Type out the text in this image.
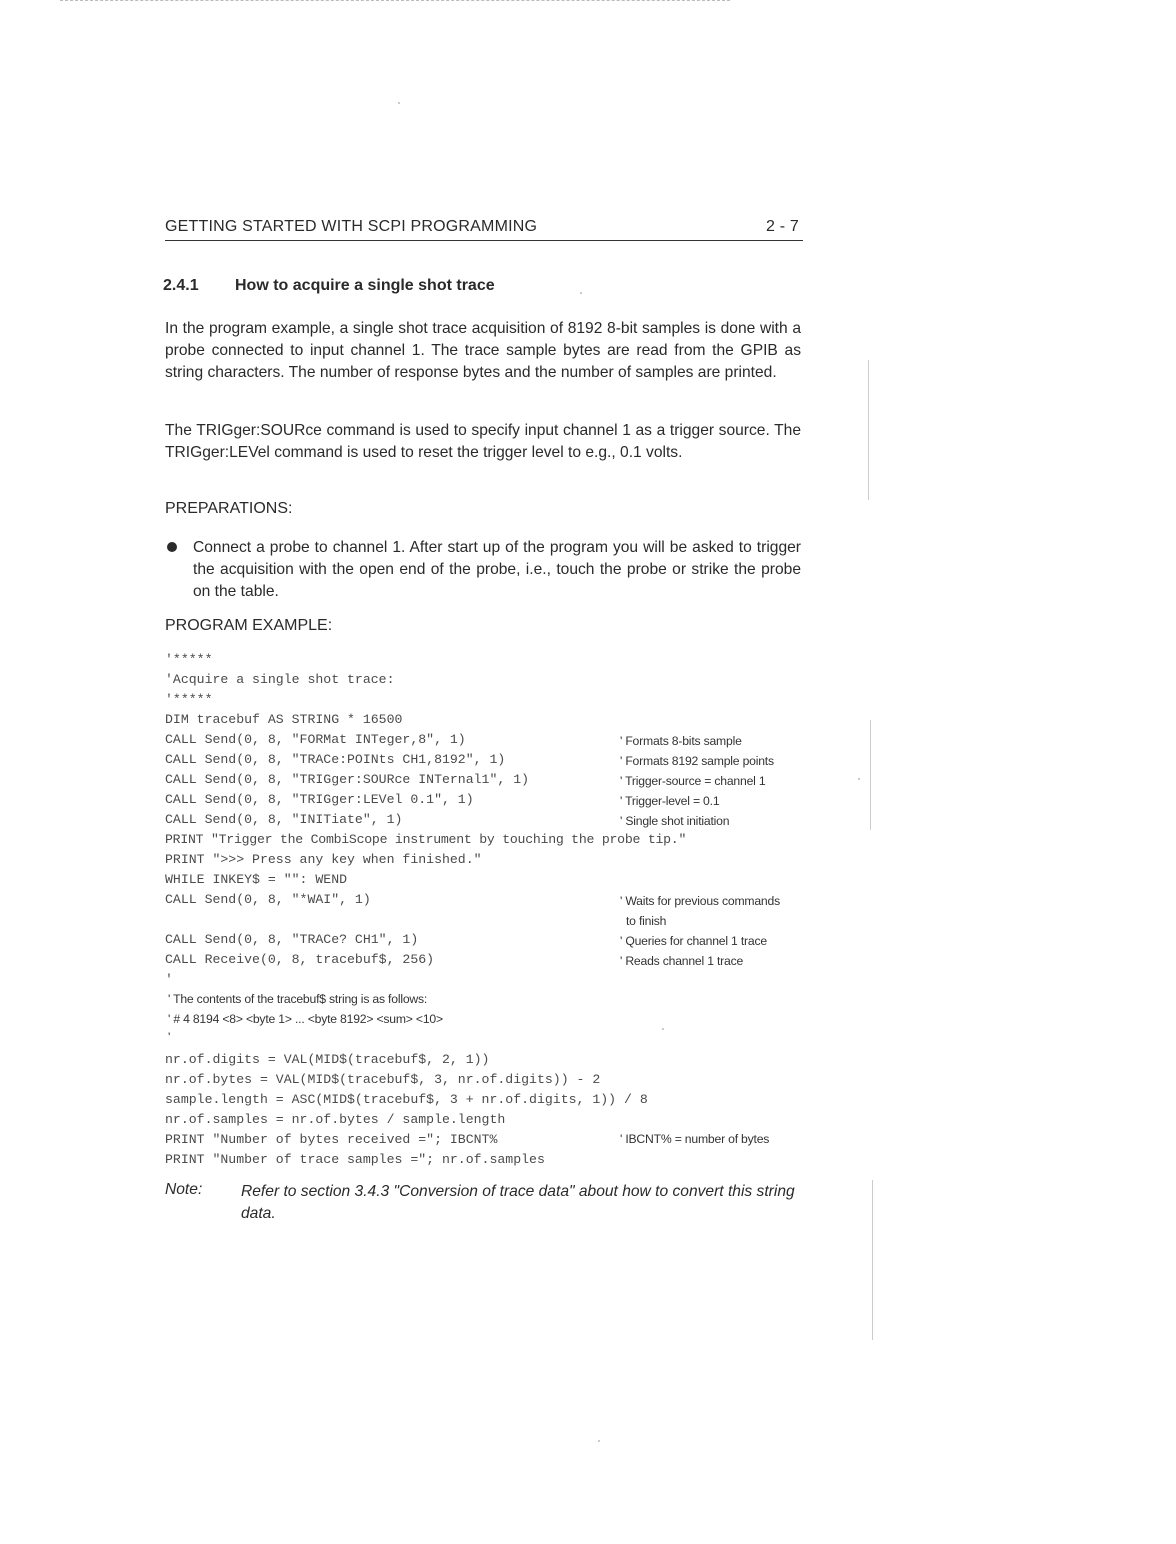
GETTING STARTED WITH SCPI PROGRAMMING	2 - 7
2.4.1 How to acquire a single shot trace
In the program example, a single shot trace acquisition of 8192 8-bit samples is done with a probe connected to input channel 1. The trace sample bytes are read from the GPIB as string characters. The number of response bytes and the number of samples are printed.
The TRIGger:SOURce command is used to specify input channel 1 as a trigger source. The TRIGger:LEVel command is used to reset the trigger level to e.g., 0.1 volts.
PREPARATIONS:
Connect a probe to channel 1. After start up of the program you will be asked to trigger the acquisition with the open end of the probe, i.e., touch the probe or strike the probe on the table.
PROGRAM EXAMPLE:
'*****
'Acquire a single shot trace:
'*****
DIM tracebuf AS STRING * 16500
CALL Send(0, 8, "FORMat INTeger,8", 1)
CALL Send(0, 8, "TRACe:POINts CH1,8192", 1)
CALL Send(0, 8, "TRIGger:SOURce INTernal1", 1)
CALL Send(0, 8, "TRIGger:LEVel 0.1", 1)
CALL Send(0, 8, "INITiate", 1)
PRINT "Trigger the CombiScope instrument by touching the probe tip."
PRINT ">>> Press any key when finished."
WHILE INKEY$ = "": WEND
CALL Send(0, 8, "*WAI", 1)
CALL Send(0, 8, "TRACe? CH1", 1)
CALL Receive(0, 8, tracebuf$, 256)
'
' Formats 8-bits sample
' Formats 8192 sample points
' Trigger-source = channel 1
' Trigger-level = 0.1
' Single shot initiation
' Waits for previous commands
to finish
' Queries for channel 1 trace
' Reads channel 1 trace
' The contents of the tracebuf$ string is as follows:
' # 4 8194 <8> <byte 1> ... <byte 8192> <sum> <10>
'
nr.of.digits = VAL(MID$(tracebuf$, 2, 1))
nr.of.bytes = VAL(MID$(tracebuf$, 3, nr.of.digits)) - 2
sample.length = ASC(MID$(tracebuf$, 3 + nr.of.digits, 1)) / 8
nr.of.samples = nr.of.bytes / sample.length
PRINT "Number of bytes received ="; IBCNT%
PRINT "Number of trace samples ="; nr.of.samples
' IBCNT% = number of bytes
Note: Refer to section 3.4.3 "Conversion of trace data" about how to convert this string data.
